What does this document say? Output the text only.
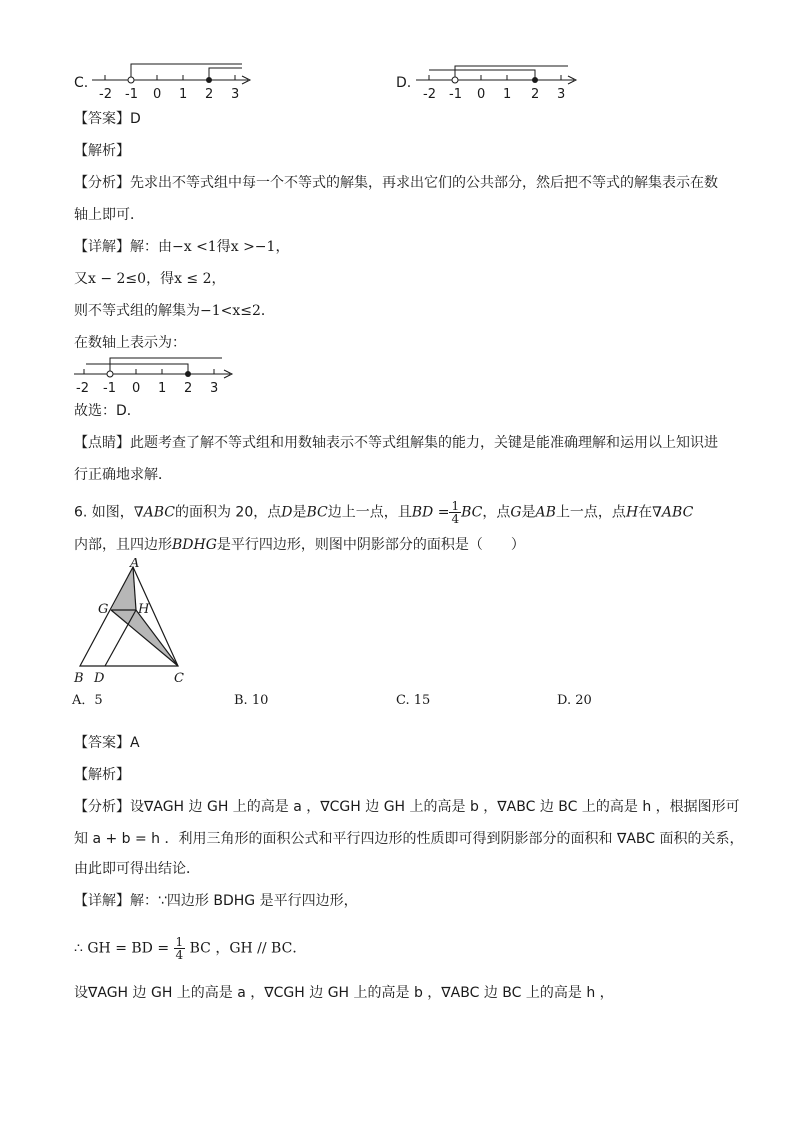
C.
-2 -1 0 1 2 3
D.
-2 -1 0 1 2 3
【答案】D
【解析】
【分析】先求出不等式组中每一个不等式的解集，再求出它们的公共部分，然后把不等式的解集表示在数
轴上即可．
【详解】解：由−x <1得x >−1，
又x − 2≤0，得x ≤ 2，
则不等式组的解集为−1<x≤2．
在数轴上表示为：
-2 -1 0 1 2 3
故选：D．
【点睛】此题考查了解不等式组和用数轴表示不等式组解集的能力，关键是能准确理解和运用以上知识进
行正确地求解．
6. 如图，∇ABC的面积为 20，点D是BC边上一点，且BD = $\frac{1}{4}$ BC，点G是AB上一点，点H在∇ABC
内部，且四边形BDHG是平行四边形，则图中阴影部分的面积是（　　）
A
G H
B D	C
A．5	B. 10	C. 15	D. 20
【答案】A
【解析】
【分析】设∇AGH 边 GH 上的高是 a ，∇CGH 边 GH 上的高是 b ，∇ABC 边 BC 上的高是 h ，根据图形可
知 a + b = h ．利用三角形的面积公式和平行四边形的性质即可得到阴影部分的面积和 ∇ABC 面积的关系，
由此即可得出结论．
【详解】解：∵四边形 BDHG 是平行四边形，
∴ GH = BD = $\frac{1}{4}$ BC ，GH // BC．
设∇AGH 边 GH 上的高是 a ，∇CGH 边 GH 上的高是 b ，∇ABC 边 BC 上的高是 h ，
